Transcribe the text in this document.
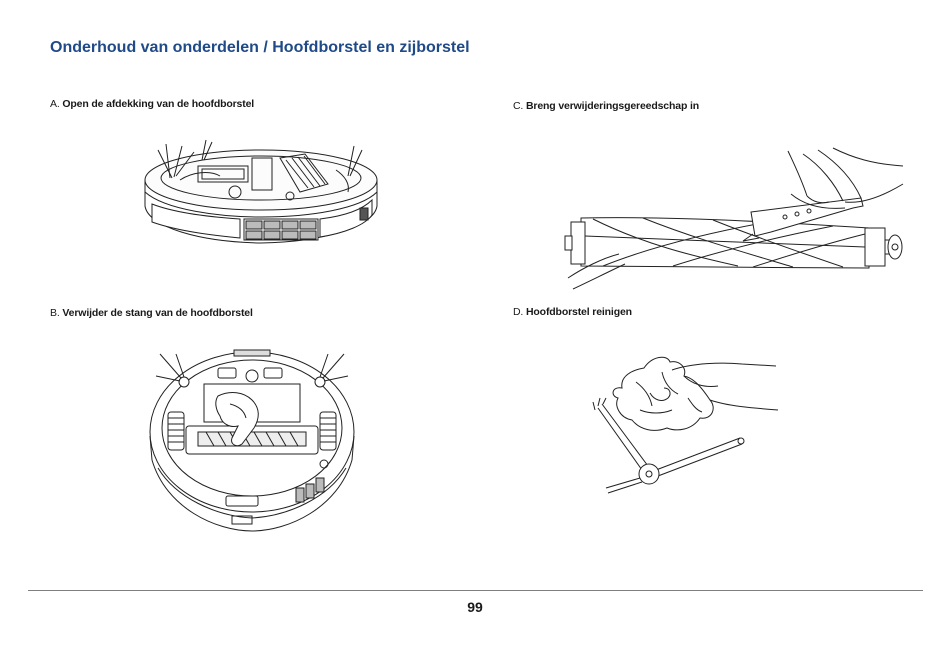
Onderhoud van onderdelen / Hoofdborstel en zijborstel
A. Open de afdekking van de hoofdborstel	C. Breng verwijderingsgereedschap in
B. Verwijder de stang van de hoofdborstel	D. Hoofdborstel reinigen
99
